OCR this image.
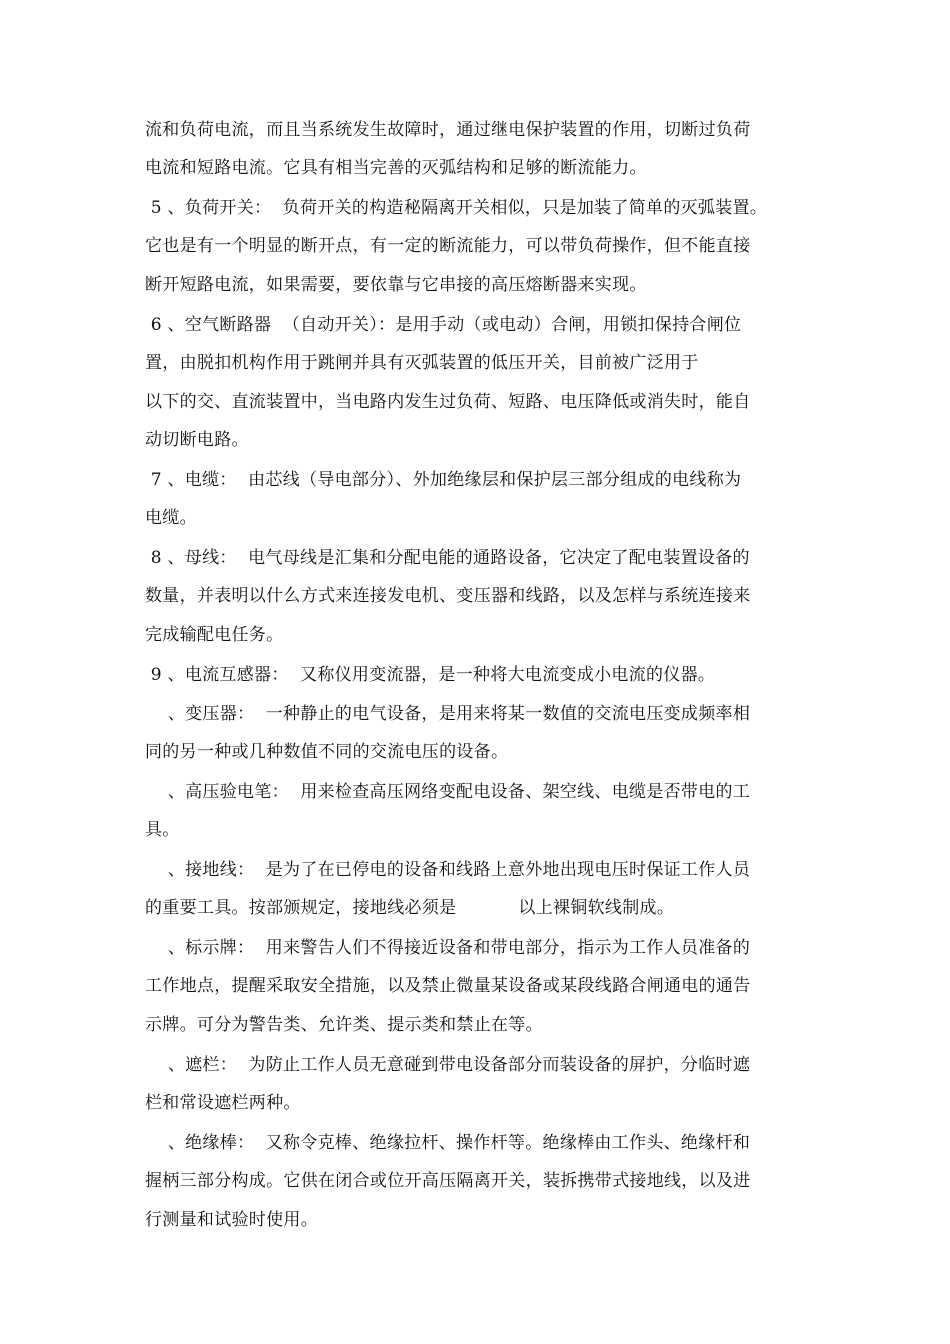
流和负荷电流，而且当系统发生故障时，通过继电保护装置的作用，切断过负荷
电流和短路电流。它具有相当完善的灭弧结构和足够的断流能力。
5 、负荷开关：  负荷开关的构造秘隔离开关相似，只是加装了简单的灭弧装置。
它也是有一个明显的断开点，有一定的断流能力，可以带负荷操作，但不能直接
断开短路电流，如果需要，要依靠与它串接的高压熔断器来实现。
6 、空气断路器  （自动开关）：是用手动（或电动）合闸，用锁扣保持合闸位
置，由脱扣机构作用于跳闸并具有灭弧装置的低压开关，目前被广泛用于
以下的交、直流装置中，当电路内发生过负荷、短路、电压降低或消失时，能自
动切断电路。
7 、电缆：  由芯线（导电部分）、外加绝缘层和保护层三部分组成的电线称为
电缆。
8 、母线：  电气母线是汇集和分配电能的通路设备，它决定了配电装置设备的
数量，并表明以什么方式来连接发电机、变压器和线路，以及怎样与系统连接来
完成输配电任务。
9 、电流互感器：  又称仪用变流器，是一种将大电流变成小电流的仪器。
、变压器：  一种静止的电气设备，是用来将某一数值的交流电压变成频率相
同的另一种或几种数值不同的交流电压的设备。
、高压验电笔：  用来检查高压网络变配电设备、架空线、电缆是否带电的工
具。
、接地线：  是为了在已停电的设备和线路上意外地出现电压时保证工作人员
的重要工具。按部颁规定，接地线必须是	以上裸铜软线制成。
、标示牌：  用来警告人们不得接近设备和带电部分，指示为工作人员准备的
工作地点，提醒采取安全措施，以及禁止微量某设备或某段线路合闸通电的通告
示牌。可分为警告类、允许类、提示类和禁止在等。
、遮栏：  为防止工作人员无意碰到带电设备部分而装设备的屏护，分临时遮
栏和常设遮栏两种。
、绝缘棒：  又称令克棒、绝缘拉杆、操作杆等。绝缘棒由工作头、绝缘杆和
握柄三部分构成。它供在闭合或位开高压隔离开关，装拆携带式接地线，以及进
行测量和试验时使用。
